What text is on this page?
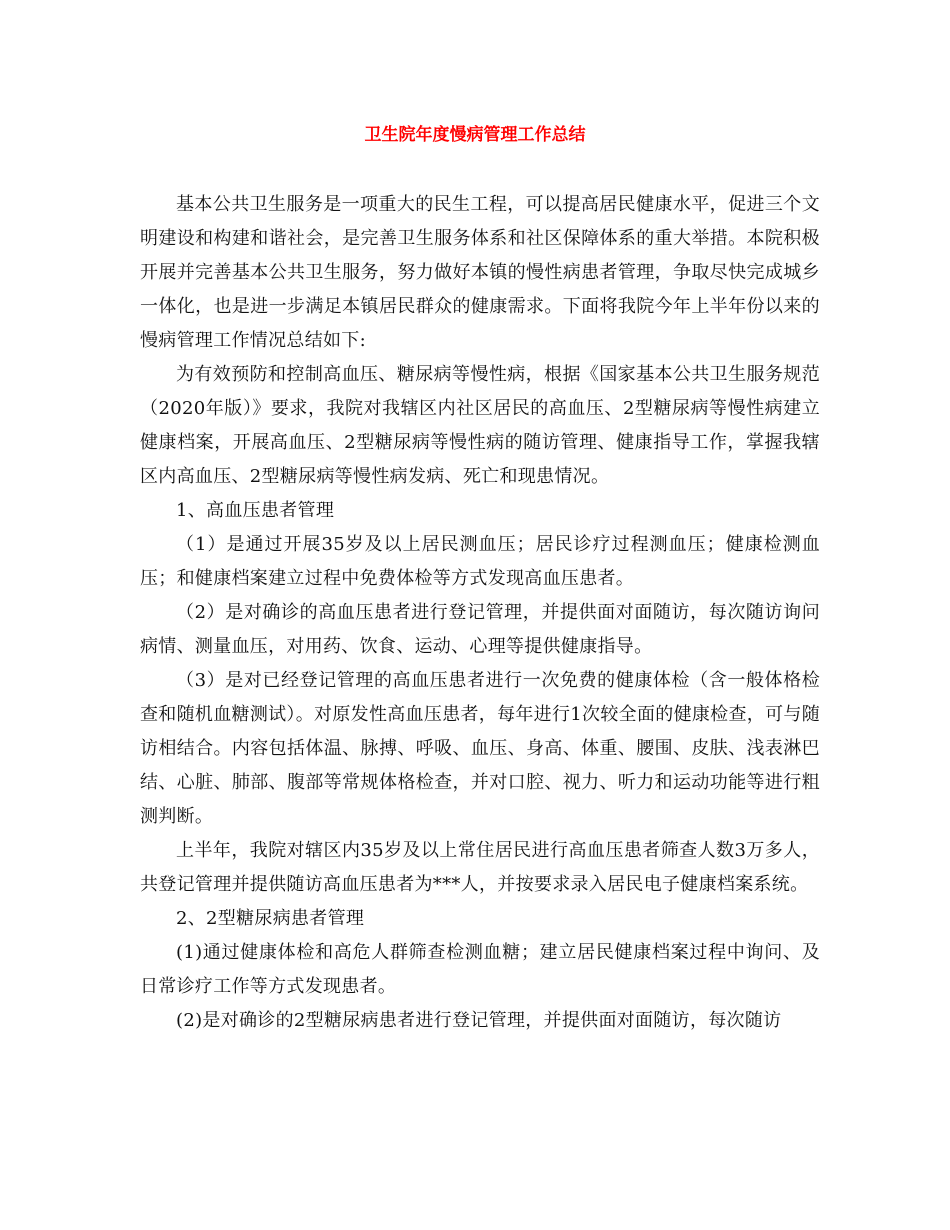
卫生院年度慢病管理工作总结

基本公共卫生服务是一项重大的民生工程，可以提高居民健康水平，促进三个文明建设和构建和谐社会，是完善卫生服务体系和社区保障体系的重大举措。本院积极开展并完善基本公共卫生服务，努力做好本镇的慢性病患者管理，争取尽快完成城乡一体化，也是进一步满足本镇居民群众的健康需求。下面将我院今年上半年份以来的慢病管理工作情况总结如下:

为有效预防和控制高血压、糖尿病等慢性病，根据《国家基本公共卫生服务规范（2020年版）》要求，我院对我辖区内社区居民的高血压、2型糖尿病等慢性病建立健康档案，开展高血压、2型糖尿病等慢性病的随访管理、健康指导工作，掌握我辖区内高血压、2型糖尿病等慢性病发病、死亡和现患情况。

1、高血压患者管理

（1）是通过开展35岁及以上居民测血压；居民诊疗过程测血压；健康检测血压；和健康档案建立过程中免费体检等方式发现高血压患者。

（2）是对确诊的高血压患者进行登记管理，并提供面对面随访，每次随访询问病情、测量血压，对用药、饮食、运动、心理等提供健康指导。

（3）是对已经登记管理的高血压患者进行一次免费的健康体检（含一般体格检查和随机血糖测试）。对原发性高血压患者，每年进行1次较全面的健康检查，可与随访相结合。内容包括体温、脉搏、呼吸、血压、身高、体重、腰围、皮肤、浅表淋巴结、心脏、肺部、腹部等常规体格检查，并对口腔、视力、听力和运动功能等进行粗测判断。

上半年，我院对辖区内35岁及以上常住居民进行高血压患者筛查人数3万多人，共登记管理并提供随访高血压患者为***人，并按要求录入居民电子健康档案系统。

2、2型糖尿病患者管理

(1)通过健康体检和高危人群筛查检测血糖；建立居民健康档案过程中询问、及日常诊疗工作等方式发现患者。

(2)是对确诊的2型糖尿病患者进行登记管理，并提供面对面随访，每次随访
